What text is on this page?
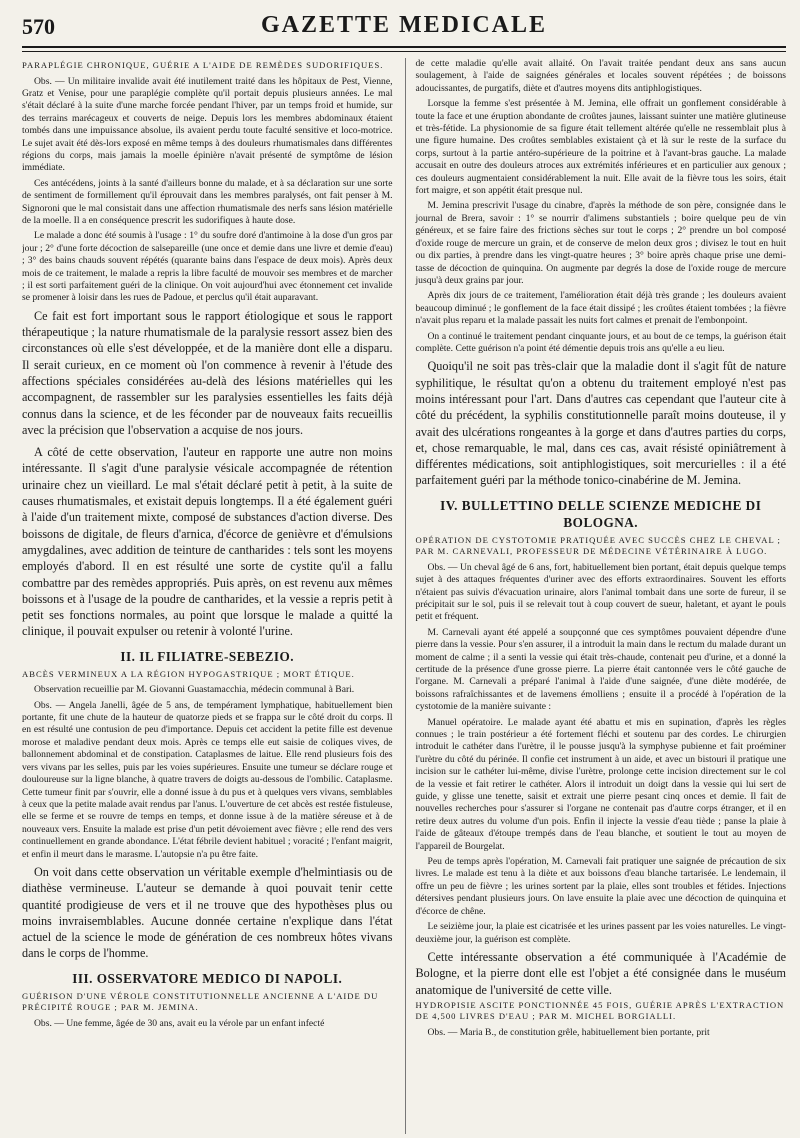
570	GAZETTE MEDICALE

PARAPLÉGIE CHRONIQUE, GUÉRIE A L'AIDE DE REMÈDES SUDORIFIQUES.

Obs. — Un militaire invalide avait été inutilement traité dans les hôpitaux de Pest, Vienne, Gratz et Venise, pour une paraplégie complète qu'il portait depuis plusieurs années. Le mal s'était déclaré à la suite d'une marche forcée pendant l'hiver, par un temps froid et humide, sur des terrains marécageux et couverts de neige. Depuis lors les membres abdominaux étaient tombés dans une impuissance absolue, ils avaient perdu toute faculté sensitive et loco-motrice. Le sujet avait été dès-lors exposé en même temps à des douleurs rhumatismales dans différentes régions du corps, mais jamais la moelle épinière n'avait présenté de symptôme de lésion immédiate.

Ces antécédens, joints à la santé d'ailleurs bonne du malade, et à sa déclaration sur une sorte de sentiment de formillement qu'il éprouvait dans les membres paralysés, ont fait penser à M. Signoroni que le mal consistait dans une affection rhumatismale des nerfs sans lésion matérielle de la moelle. Il a en conséquence prescrit les sudorifiques à haute dose.

Le malade a donc été soumis à l'usage : 1° du soufre doré d'antimoine à la dose d'un gros par jour ; 2° d'une forte décoction de salsepareille (une once et demie dans une livre et demie d'eau) ; 3° des bains chauds souvent répétés (quarante bains dans l'espace de deux mois). Après deux mois de ce traitement, le malade a repris la libre faculté de mouvoir ses membres et de marcher ; il est sorti parfaitement guéri de la clinique. On voit aujourd'hui avec étonnement cet invalide se promener à loisir dans les rues de Padoue, et perclus qu'il était auparavant.

Ce fait est fort important sous le rapport étiologique et sous le rapport thérapeutique ; la nature rhumatismale de la paralysie ressort assez bien des circonstances où elle s'est développée, et de la manière dont elle a disparu. Il serait curieux, en ce moment où l'on commence à revenir à l'étude des affections spéciales considérées au-delà des lésions matérielles qui les accompagnent, de rassembler sur les paralysies essentielles les faits déjà connus dans la science, et de les féconder par de nouveaux faits recueillis avec la précision que l'observation a acquise de nos jours.

A côté de cette observation, l'auteur en rapporte une autre non moins intéressante. Il s'agit d'une paralysie vésicale accompagnée de rétention urinaire chez un vieillard. Le mal s'était déclaré petit à petit, à la suite de causes rhumatismales, et existait depuis longtemps. Il a été également guéri à l'aide d'un traitement mixte, composé de substances d'action diverse. Des boissons de digitale, de fleurs d'arnica, d'écorce de genièvre et d'émulsions amygdalines, avec addition de teinture de cantharides : tels sont les moyens employés d'abord. Il en est résulté une sorte de cystite qu'il a fallu combattre par des remèdes appropriés. Puis après, on est revenu aux mêmes boissons et à l'usage de la poudre de cantharides, et la vessie a repris petit à petit ses fonctions normales, au point que lorsque le malade a quitté la clinique, il pouvait expulser ou retenir à volonté l'urine.

II. IL FILIATRE-SEBEZIO.

ABCÈS VERMINEUX A LA RÉGION HYPOGASTRIQUE ; MORT ÉTIQUE.

Observation recueillie par M. Giovanni Guastamacchia, médecin communal à Bari.

Obs. — Angela Janelli, âgée de 5 ans, de tempérament lymphatique, habituellement bien portante, fit une chute de la hauteur de quatorze pieds et se frappa sur le côté droit du corps. Il en est résulté une contusion de peu d'importance. Depuis cet accident la petite fille est devenue morose et maladive pendant deux mois. Après ce temps elle eut saisie de coliques vives, de ballonnement abdominal et de constipation. Cataplasmes de laitue. Elle rend plusieurs fois des vers vivans par les selles, puis par les voies supérieures. Ensuite une tumeur se déclare rouge et douloureuse sur la ligne blanche, à quatre travers de doigts au-dessous de l'ombilic. Cataplasme. Cette tumeur finit par s'ouvrir, elle a donné issue à du pus et à quelques vers vivans, semblables à ceux que la petite malade avait rendus par l'anus. L'ouverture de cet abcès est restée fistuleuse, elle se ferme et se rouvre de temps en temps, et donne issue à de la matière séreuse et à de nouveaux vers. Ensuite la malade est prise d'un petit dévoiement avec fièvre ; elle rend des vers continuellement en grande abondance. L'état fébrile devient habituel ; voracité ; l'enfant maigrit, et enfin il meurt dans le marasme. L'autopsie n'a pu être faite.

On voit dans cette observation un véritable exemple d'helmintiasis ou de diathèse vermineuse. L'auteur se demande à quoi pouvait tenir cette quantité prodigieuse de vers et il ne trouve que des hypothèses plus ou moins invraisemblables. Aucune donnée certaine n'explique dans l'état actuel de la science le mode de génération de ces nombreux hôtes vivans dans le corps de l'homme.

III. OSSERVATORE MEDICO DI NAPOLI.

GUÉRISON D'UNE VÉROLE CONSTITUTIONNELLE ANCIENNE A L'AIDE DU PRÉCIPITÉ ROUGE ; PAR M. JEMINA.

Obs. — Une femme, âgée de 30 ans, avait eu la vérole par un enfant infecté

de cette maladie qu'elle avait allaité. On l'avait traitée pendant deux ans sans aucun soulagement, à l'aide de saignées générales et locales souvent répétées ; de boissons adoucissantes, de purgatifs, diète et d'autres moyens dits antiphlogistiques.

Lorsque la femme s'est présentée à M. Jemina, elle offrait un gonflement considérable à toute la face et une éruption abondante de croûtes jaunes, laissant suinter une matière glutineuse et très-fétide. La physionomie de sa figure était tellement altérée qu'elle ne ressemblait plus à une figure humaine. Des croûtes semblables existaient çà et là sur le reste de la surface du corps, surtout à la partie antéro-supérieure de la poitrine et à l'avant-bras gauche. La malade accusait en outre des douleurs atroces aux extrémités inférieures et en particulier aux genoux ; ces douleurs augmentaient considérablement la nuit. Elle avait de la fièvre tous les soirs, était fort maigre, et son appétit était presque nul.

M. Jemina prescrivit l'usage du cinabre, d'après la méthode de son père, consignée dans le journal de Brera, savoir : 1° se nourrir d'alimens substantiels ; boire quelque peu de vin généreux, et se faire faire des frictions sèches sur tout le corps ; 2° prendre un bol composé d'oxide rouge de mercure un grain, et de conserve de melon deux gros ; divisez le tout en huit ou dix parties, à prendre dans les vingt-quatre heures ; 3° boire après chaque prise une demi-tasse de décoction de quinquina. On augmente par degrés la dose de l'oxide rouge de mercure jusqu'à deux grains par jour.

Après dix jours de ce traitement, l'amélioration était déjà très grande ; les douleurs avaient beaucoup diminué ; le gonflement de la face était dissipé ; les croûtes étaient tombées ; la fièvre n'avait plus reparu et la malade passait les nuits fort calmes et prenait de l'embonpoint.

On a continué le traitement pendant cinquante jours, et au bout de ce temps, la guérison était complète. Cette guérison n'a point été démentie depuis trois ans qu'elle a eu lieu.

Quoiqu'il ne soit pas très-clair que la maladie dont il s'agit fût de nature syphilitique, le résultat qu'on a obtenu du traitement employé n'est pas moins intéressant pour l'art. Dans d'autres cas cependant que l'auteur cite à côté du précédent, la syphilis constitutionnelle paraît moins douteuse, il y avait des ulcérations rongeantes à la gorge et dans d'autres parties du corps, et, chose remarquable, le mal, dans ces cas, avait résisté opiniâtrement à différentes médications, soit antiphlogistiques, soit mercurielles : il a été parfaitement guéri par la méthode tonico-cinabérine de M. Jemina.

IV. BULLETTINO DELLE SCIENZE MEDICHE DI BOLOGNA.

OPÉRATION DE CYSTOTOMIE PRATIQUÉE AVEC SUCCÈS CHEZ LE CHEVAL ; PAR M. CARNEVALI, PROFESSEUR DE MÉDECINE VÉTÉRINAIRE À LUGO.

Obs. — Un cheval âgé de 6 ans, fort, habituellement bien portant, était depuis quelque temps sujet à des attaques fréquentes d'uriner avec des efforts extraordinaires. Souvent les efforts n'étaient pas suivis d'évacuation urinaire, alors l'animal tombait dans une sorte de fureur, il se précipitait sur le sol, puis il se relevait tout à coup couvert de sueur, haletant, et ayant le pouls petit et fréquent.

M. Carnevali ayant été appelé a soupçonné que ces symptômes pouvaient dépendre d'une pierre dans la vessie. Pour s'en assurer, il a introduit la main dans le rectum du malade durant un moment de calme ; il a senti la vessie qui était très-chaude, contenait peu d'urine, et a donné la certitude de la présence d'une grosse pierre. La pierre était cantonnée vers le côté gauche de l'organe. M. Carnevali a préparé l'animal à l'aide d'une saignée, d'une diète modérée, de boissons rafraîchissantes et de lavemens émolliens ; ensuite il a procédé à l'opération de la cystotomie de la manière suivante :

Manuel opératoire. Le malade ayant été abattu et mis en supination, d'après les règles connues ; le train postérieur a été fortement fléchi et soutenu par des cordes. Le chirurgien introduit le cathéter dans l'urètre, il le pousse jusqu'à la symphyse pubienne et fait proéminer l'urètre du côté du périnée. Il confie cet instrument à un aide, et avec un bistouri il pratique une incision sur le cathéter lui-même, divise l'urètre, prolonge cette incision directement sur le col de la vessie et fait retirer le cathéter. Alors il introduit un doigt dans la vessie qui lui sert de guide, y glisse une tenette, saisit et extrait une pierre pesant cinq onces et demie. Il fait de nouvelles recherches pour s'assurer si l'organe ne contenait pas d'autre corps étranger, et il en retire deux autres du volume d'un pois. Enfin il injecte la vessie d'eau tiède ; panse la plaie à l'aide de gâteaux d'étoupe trempés dans de l'eau blanche, et soutient le tout au moyen de l'appareil de Bourgelat.

Peu de temps après l'opération, M. Carnevali fait pratiquer une saignée de précaution de six livres. Le malade est tenu à la diète et aux boissons d'eau blanche tartarisée. Le lendemain, il offre un peu de fièvre ; les urines sortent par la plaie, elles sont troubles et fétides. Injections détersives pendant plusieurs jours. On lave ensuite la plaie avec une décoction de quinquina et d'écorce de chêne.

Le seizième jour, la plaie est cicatrisée et les urines passent par les voies naturelles. Le vingt-deuxième jour, la guérison est complète.

Cette intéressante observation a été communiquée à l'Académie de Bologne, et la pierre dont elle est l'objet a été consignée dans le muséum anatomique de l'université de cette ville.

HYDROPISIE ASCITE PONCTIONNÉE 45 FOIS, GUÉRIE APRÈS L'EXTRACTION DE 4,500 LIVRES D'EAU ; PAR M. MICHEL BORGIALLI.

Obs. — Maria B., de constitution grêle, habituellement bien portante, prit
